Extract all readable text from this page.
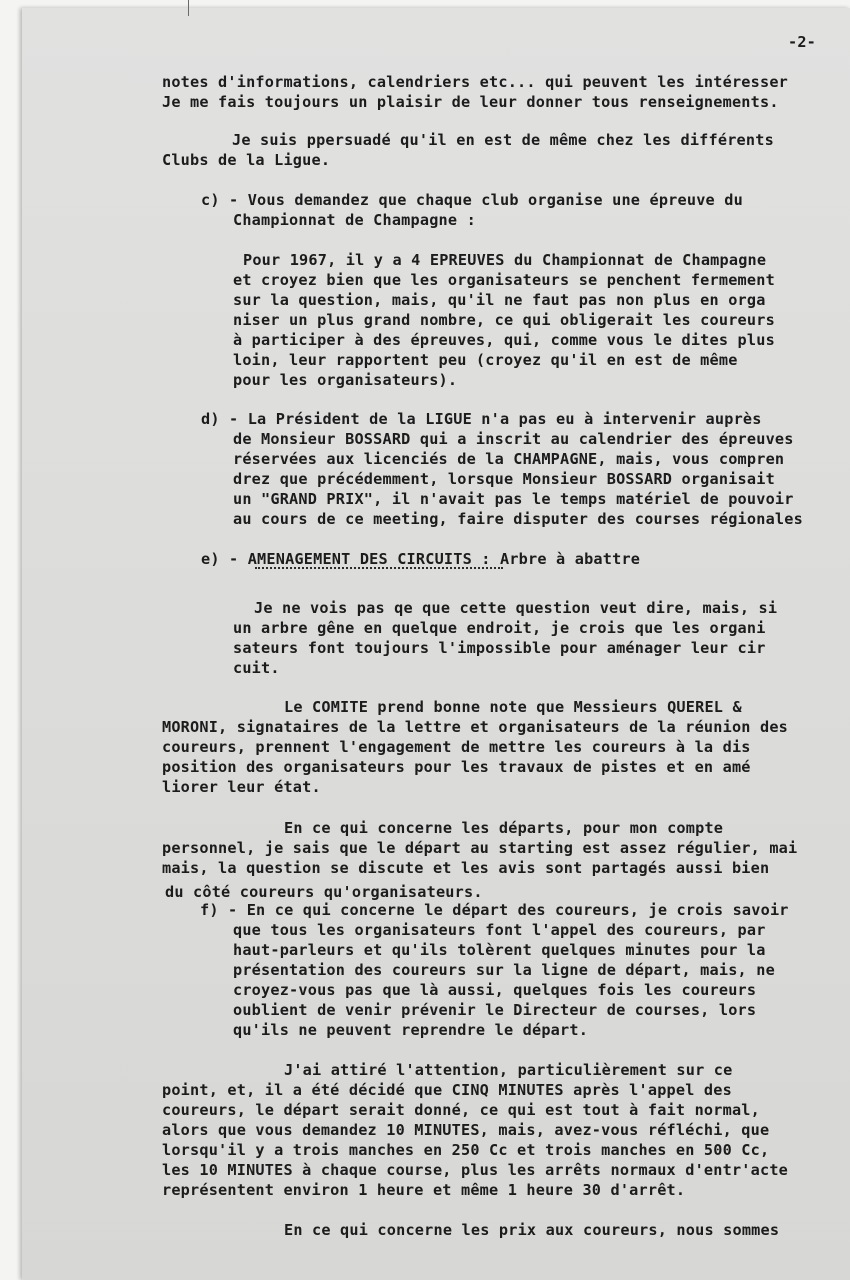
-2-
notes d'informations, calendriers etc... qui peuvent les intéresser
Je me fais toujours un plaisir de leur donner tous renseignements.
Je suis ppersuadé qu'il en est de même chez les différents
Clubs de la Ligue.
c) - Vous demandez que chaque club organise une épreuve du
Championnat de Champagne :
Pour 1967, il y a 4 EPREUVES du Championnat de Champagne
et croyez bien que les organisateurs se penchent fermement
sur la question, mais, qu'il ne faut pas non plus en orga
niser un plus grand nombre, ce qui obligerait les coureurs
à participer à des épreuves, qui, comme vous le dites plus
loin, leur rapportent peu (croyez qu'il en est de même
pour les organisateurs).
d) - La Président de la LIGUE n'a pas eu à intervenir auprès
de Monsieur BOSSARD qui a inscrit au calendrier des épreuves
réservées aux licenciés de la CHAMPAGNE, mais, vous compren
drez que précédemment, lorsque Monsieur BOSSARD organisait
un "GRAND PRIX", il n'avait pas le temps matériel de pouvoir
au cours de ce meeting, faire disputer des courses régionales
e) - AMENAGEMENT DES CIRCUITS : Arbre à abattre
Je ne vois pas qe que cette question veut dire, mais, si
un arbre gêne en quelque endroit, je crois que les organi
sateurs font toujours l'impossible pour aménager leur cir
cuit.
Le COMITE prend bonne note que Messieurs QUEREL &
MORONI, signataires de la lettre et organisateurs de la réunion des
coureurs, prennent l'engagement de mettre les coureurs à la dis
position des organisateurs pour les travaux de pistes et en amé
liorer leur état.
En ce qui concerne les départs, pour mon compte
personnel, je sais que le départ au starting est assez régulier, mai
mais, la question se discute et les avis sont partagés aussi bien
du côté coureurs qu'organisateurs.
f) - En ce qui concerne le départ des coureurs, je crois savoir
que tous les organisateurs font l'appel des coureurs, par
haut-parleurs et qu'ils tolèrent quelques minutes pour la
présentation des coureurs sur la ligne de départ, mais, ne
croyez-vous pas que là aussi, quelques fois les coureurs
oublient de venir prévenir le Directeur de courses, lors
qu'ils ne peuvent reprendre le départ.
J'ai attiré l'attention, particulièrement sur ce
point, et, il a été décidé que CINQ MINUTES après l'appel des
coureurs, le départ serait donné, ce qui est tout à fait normal,
alors que vous demandez 10 MINUTES, mais, avez-vous réfléchi, que
lorsqu'il y a trois manches en 250 Cc et trois manches en 500 Cc,
les 10 MINUTES à chaque course, plus les arrêts normaux d'entr'acte
représentent environ 1 heure et même 1 heure 30 d'arrêt.
En ce qui concerne les prix aux coureurs, nous sommes
